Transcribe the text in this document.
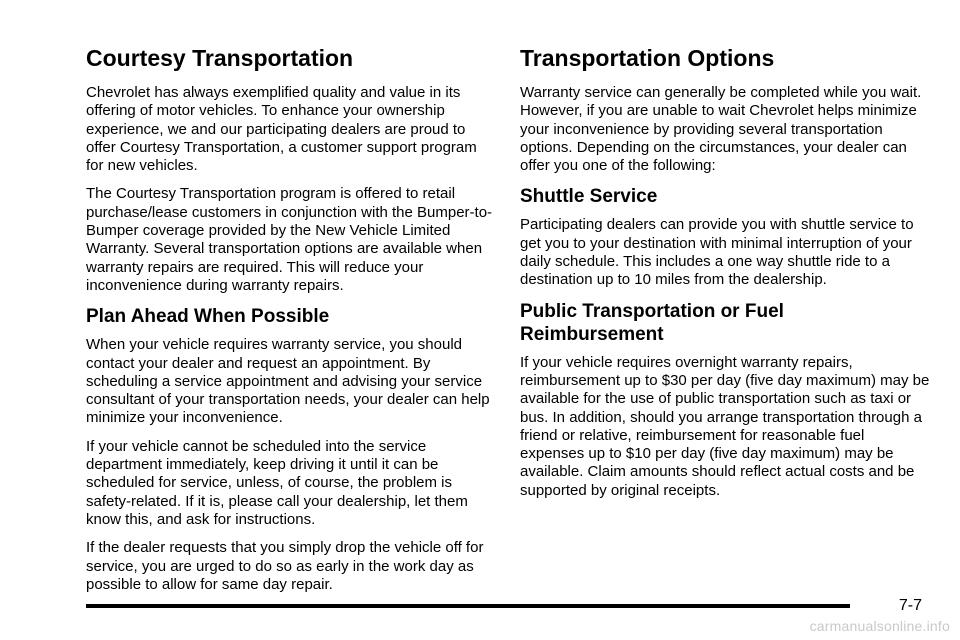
Courtesy Transportation

Chevrolet has always exemplified quality and value in its offering of motor vehicles. To enhance your ownership experience, we and our participating dealers are proud to offer Courtesy Transportation, a customer support program for new vehicles.

The Courtesy Transportation program is offered to retail purchase/lease customers in conjunction with the Bumper-to-Bumper coverage provided by the New Vehicle Limited Warranty. Several transportation options are available when warranty repairs are required. This will reduce your inconvenience during warranty repairs.

Plan Ahead When Possible

When your vehicle requires warranty service, you should contact your dealer and request an appointment. By scheduling a service appointment and advising your service consultant of your transportation needs, your dealer can help minimize your inconvenience.

If your vehicle cannot be scheduled into the service department immediately, keep driving it until it can be scheduled for service, unless, of course, the problem is safety-related. If it is, please call your dealership, let them know this, and ask for instructions.

If the dealer requests that you simply drop the vehicle off for service, you are urged to do so as early in the work day as possible to allow for same day repair.

Transportation Options

Warranty service can generally be completed while you wait. However, if you are unable to wait Chevrolet helps minimize your inconvenience by providing several transportation options. Depending on the circumstances, your dealer can offer you one of the following:

Shuttle Service

Participating dealers can provide you with shuttle service to get you to your destination with minimal interruption of your daily schedule. This includes a one way shuttle ride to a destination up to 10 miles from the dealership.

Public Transportation or Fuel Reimbursement

If your vehicle requires overnight warranty repairs, reimbursement up to $30 per day (five day maximum) may be available for the use of public transportation such as taxi or bus. In addition, should you arrange transportation through a friend or relative, reimbursement for reasonable fuel expenses up to $10 per day (five day maximum) may be available. Claim amounts should reflect actual costs and be supported by original receipts.

7-7
carmanualsonline.info
